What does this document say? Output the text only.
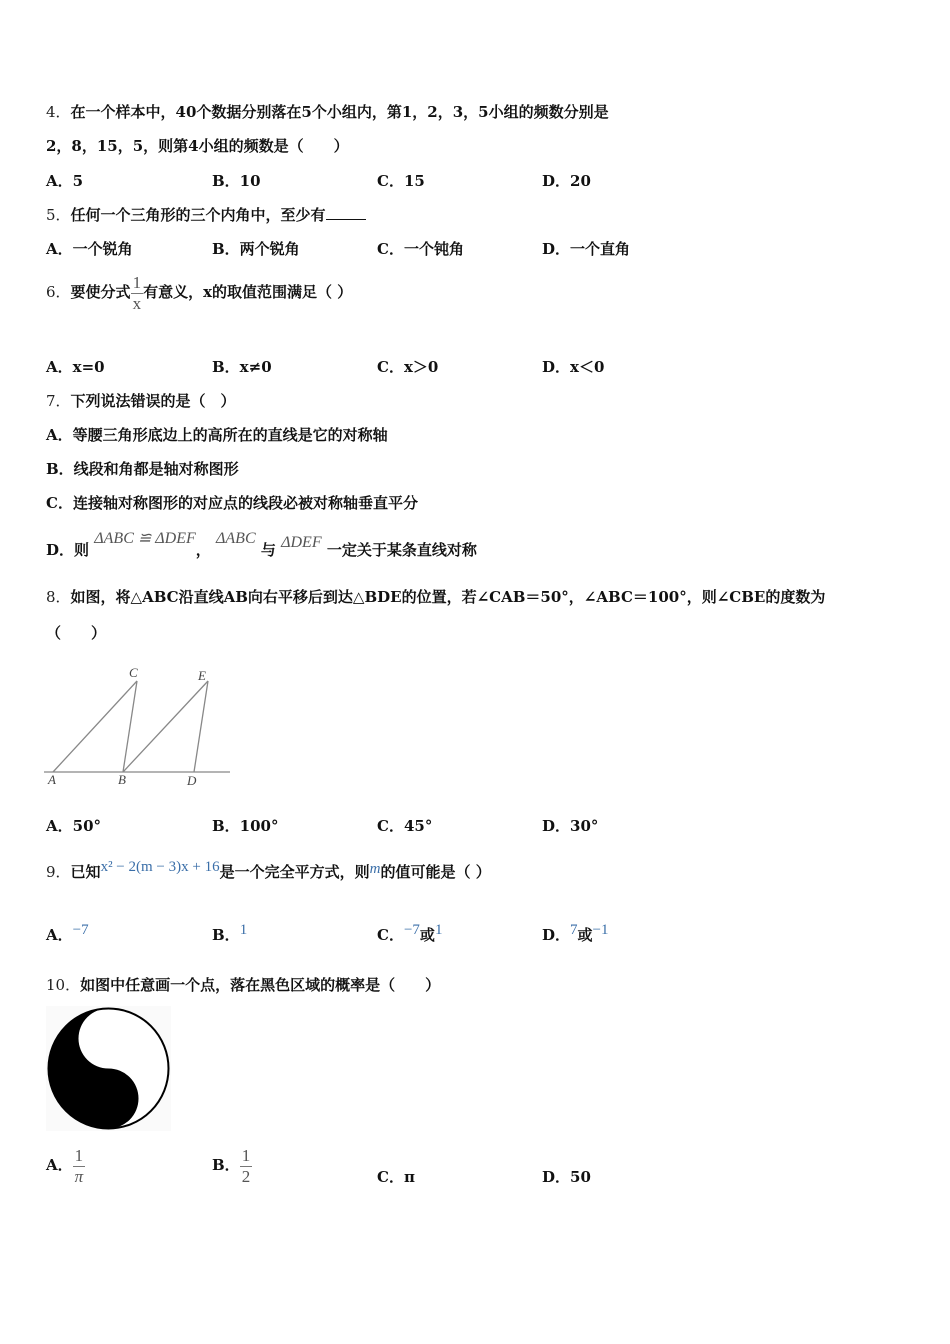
4．在一个样本中，40个数据分别落在5个小组内，第1，2，3，5小组的频数分别是
2，8，15，5，则第4小组的频数是（　　）
A．5	B．10	C．15	D．20
5．任何一个三角形的三个内角中，至少有
A．一个锐角	B．两个锐角	C．一个钝角	D．一个直角
6．要使分式 $\frac{1}{x}$ 有意义，x的取值范围满足（ ）
A．x=0	B．x≠0	C．x＞0	D．x＜0
7．下列说法错误的是（　）
A．等腰三角形底边上的高所在的直线是它的对称轴
B．线段和角都是轴对称图形
C．连接轴对称图形的对应点的线段必被对称轴垂直平分
D．则 ΔABC ≌ ΔDEF， ΔABC 与 ΔDEF 一定关于某条直线对称
8．如图，将△ABC沿直线AB向右平移后到达△BDE的位置，若∠CAB＝50°，∠ABC＝100°，则∠CBE的度数为
（　　）
C	E
A	B	D
A．50°	B．100°	C．45°	D．30°
9．已知x² − 2(m − 3)x + 16是一个完全平方式，则m的值可能是（ ）
A．−7	B．1	C．−7或1	D．7或−1
10．如图中任意画一个点，落在黑色区域的概率是（　　）
A． $\frac{1}{\pi}$	B． $\frac{1}{2}$	C．π	D．50
